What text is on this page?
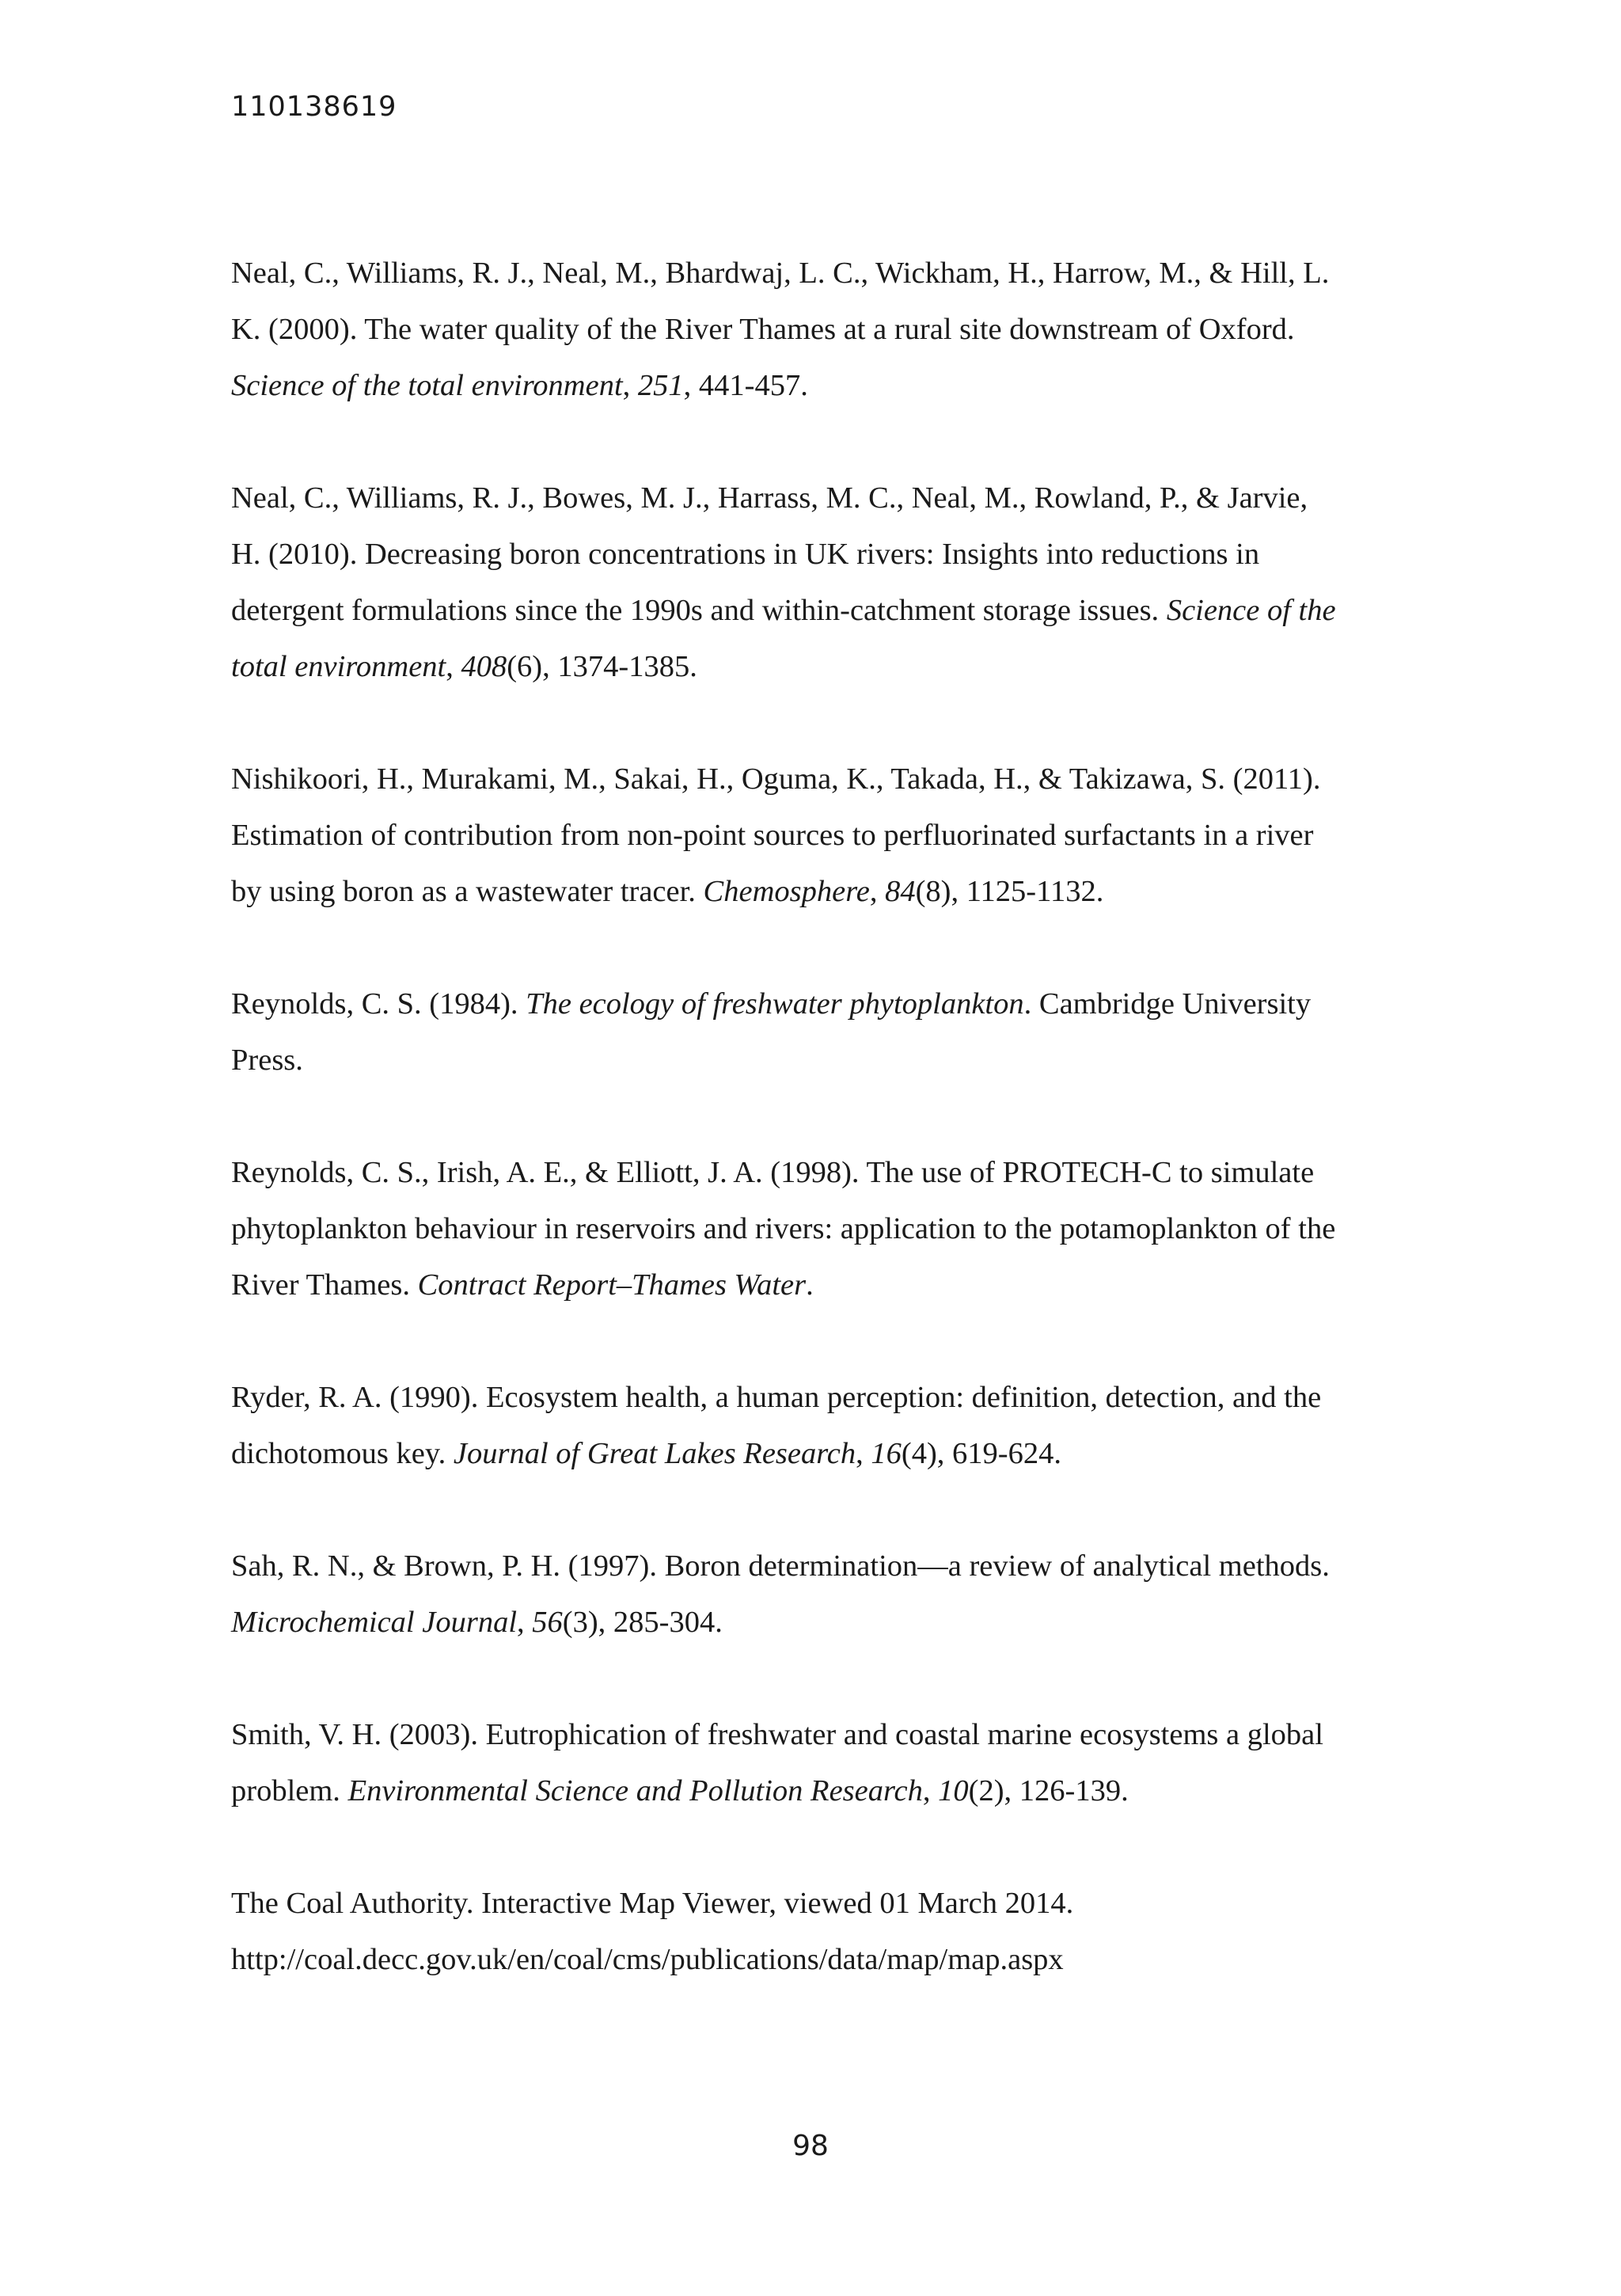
110138619

Neal, C., Williams, R. J., Neal, M., Bhardwaj, L. C., Wickham, H., Harrow, M., & Hill, L.

K. (2000). The water quality of the River Thames at a rural site downstream of Oxford.

Science of the total environment, 251, 441-457.

Neal, C., Williams, R. J., Bowes, M. J., Harrass, M. C., Neal, M., Rowland, P., & Jarvie,

H. (2010). Decreasing boron concentrations in UK rivers: Insights into reductions in

detergent formulations since the 1990s and within-catchment storage issues. Science of the

total environment, 408(6), 1374-1385.

Nishikoori, H., Murakami, M., Sakai, H., Oguma, K., Takada, H., & Takizawa, S. (2011).

Estimation of contribution from non-point sources to perfluorinated surfactants in a river

by using boron as a wastewater tracer. Chemosphere, 84(8), 1125-1132.

Reynolds, C. S. (1984). The ecology of freshwater phytoplankton. Cambridge University

Press.

Reynolds, C. S., Irish, A. E., & Elliott, J. A. (1998). The use of PROTECH-C to simulate

phytoplankton behaviour in reservoirs and rivers: application to the potamoplankton of the

River Thames. Contract Report–Thames Water.

Ryder, R. A. (1990). Ecosystem health, a human perception: definition, detection, and the

dichotomous key. Journal of Great Lakes Research, 16(4), 619-624.

Sah, R. N., & Brown, P. H. (1997). Boron determination—a review of analytical methods.

Microchemical Journal, 56(3), 285-304.

Smith, V. H. (2003). Eutrophication of freshwater and coastal marine ecosystems a global

problem. Environmental Science and Pollution Research, 10(2), 126-139.

The Coal Authority. Interactive Map Viewer, viewed 01 March 2014.

http://coal.decc.gov.uk/en/coal/cms/publications/data/map/map.aspx

98
